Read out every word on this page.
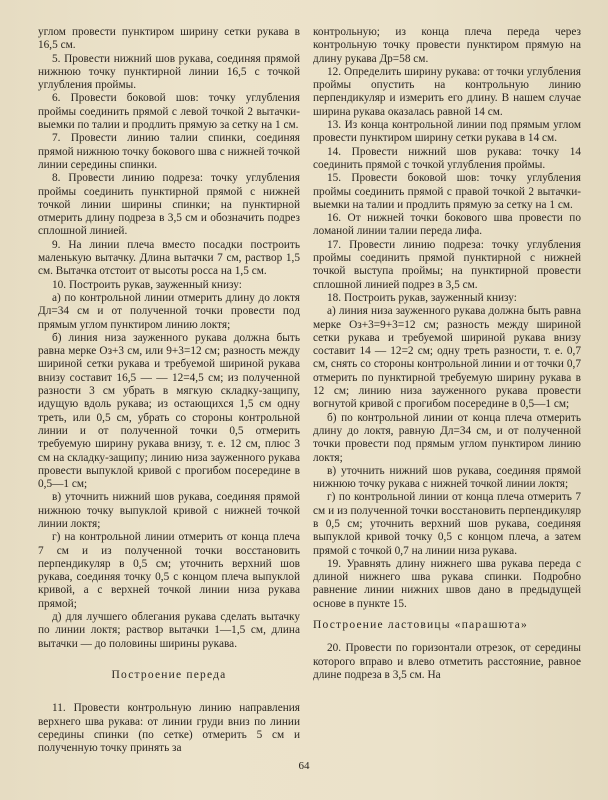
углом провести пунктиром ширину сетки рукава в 16,5 см.

5. Провести нижний шов рукава, соединяя прямой нижнюю точку пунктирной линии 16,5 с точкой углубления проймы.

6. Провести боковой шов: точку углубления проймы соединить прямой с левой точкой 2 вытачки-выемки по талии и продлить прямую за сетку на 1 см.

7. Провести линию талии спинки, соединяя прямой нижнюю точку бокового шва с нижней точкой линии середины спинки.

8. Провести линию подреза: точку углубления проймы соединить пунктирной прямой с нижней точкой линии ширины спинки; на пунктирной отмерить длину подреза в 3,5 см и обозначить подрез сплошной линией.

9. На линии плеча вместо посадки построить маленькую вытачку. Длина вытачки 7 см, раствор 1,5 см. Вытачка отстоит от высоты росса на 1,5 см.

10. Построить рукав, зауженный книзу:

а) по контрольной линии отмерить длину до локтя Дл=34 см и от полученной точки провести под прямым углом пунктиром линию локтя;

б) линия низа зауженного рукава должна быть равна мерке Оз+3 см, или 9+3=12 см; разность между шириной сетки рукава и требуемой шириной рукава внизу составит 16,5 — — 12=4,5 см; из полученной разности 3 см убрать в мягкую складку-защипу, идущую вдоль рукава; из остающихся 1,5 см одну треть, или 0,5 см, убрать со стороны контрольной линии и от полученной точки 0,5 отмерить требуемую ширину рукава внизу, т. е. 12 см, плюс 3 см на складку-защипу; линию низа зауженного рукава провести выпуклой кривой с прогибом посередине в 0,5—1 см;

в) уточнить нижний шов рукава, соединяя прямой нижнюю точку выпуклой кривой с нижней точкой линии локтя;

г) на контрольной линии отмерить от конца плеча 7 см и из полученной точки восстановить перпендикуляр в 0,5 см; уточнить верхний шов рукава, соединяя точку 0,5 с концом плеча выпуклой кривой, а с верхней точкой линии низа рукава прямой;

д) для лучшего облегания рукава сделать вытачку по линии локтя; раствор вытачки 1—1,5 см, длина вытачки — до половины ширины рукава.

Построение переда

11. Провести контрольную линию направления верхнего шва рукава: от линии груди вниз по линии середины спинки (по сетке) отмерить 5 см и полученную точку принять за

контрольную; из конца плеча переда через контрольную точку провести пунктиром прямую на длину рукава Др=58 см.

12. Определить ширину рукава: от точки углубления проймы опустить на контрольную линию перпендикуляр и измерить его длину. В нашем случае ширина рукава оказалась равной 14 см.

13. Из конца контрольной линии под прямым углом провести пунктиром ширину сетки рукава в 14 см.

14. Провести нижний шов рукава: точку 14 соединить прямой с точкой углубления проймы.

15. Провести боковой шов: точку углубления проймы соединить прямой с правой точкой 2 вытачки-выемки на талии и продлить прямую за сетку на 1 см.

16. От нижней точки бокового шва провести по ломаной линии талии переда лифа.

17. Провести линию подреза: точку углубления проймы соединить прямой пунктирной с нижней точкой выступа проймы; на пунктирной провести сплошной линией подрез в 3,5 см.

18. Построить рукав, зауженный книзу:

а) линия низа зауженного рукава должна быть равна мерке Оз+3=9+3=12 см; разность между шириной сетки рукава и требуемой шириной рукава внизу составит 14 — 12=2 см; одну треть разности, т. е. 0,7 см, снять со стороны контрольной линии и от точки 0,7 отмерить по пунктирной требуемую ширину рукава в 12 см; линию низа зауженного рукава провести вогнутой кривой с прогибом посередине в 0,5—1 см;

б) по контрольной линии от конца плеча отмерить длину до локтя, равную Дл=34 см, и от полученной точки провести под прямым углом пунктиром линию локтя;

в) уточнить нижний шов рукава, соединяя прямой нижнюю точку рукава с нижней точкой линии локтя;

г) по контрольной линии от конца плеча отмерить 7 см и из полученной точки восстановить перпендикуляр в 0,5 см; уточнить верхний шов рукава, соединяя выпуклой кривой точку 0,5 с концом плеча, а затем прямой с точкой 0,7 на линии низа рукава.

19. Уравнять длину нижнего шва рукава переда с длиной нижнего шва рукава спинки. Подробно равнение линии нижних швов дано в предыдущей основе в пункте 15.

Построение ластовицы «парашюта»

20. Провести по горизонтали отрезок, от середины которого вправо и влево отметить расстояние, равное длине подреза в 3,5 см. На

64
